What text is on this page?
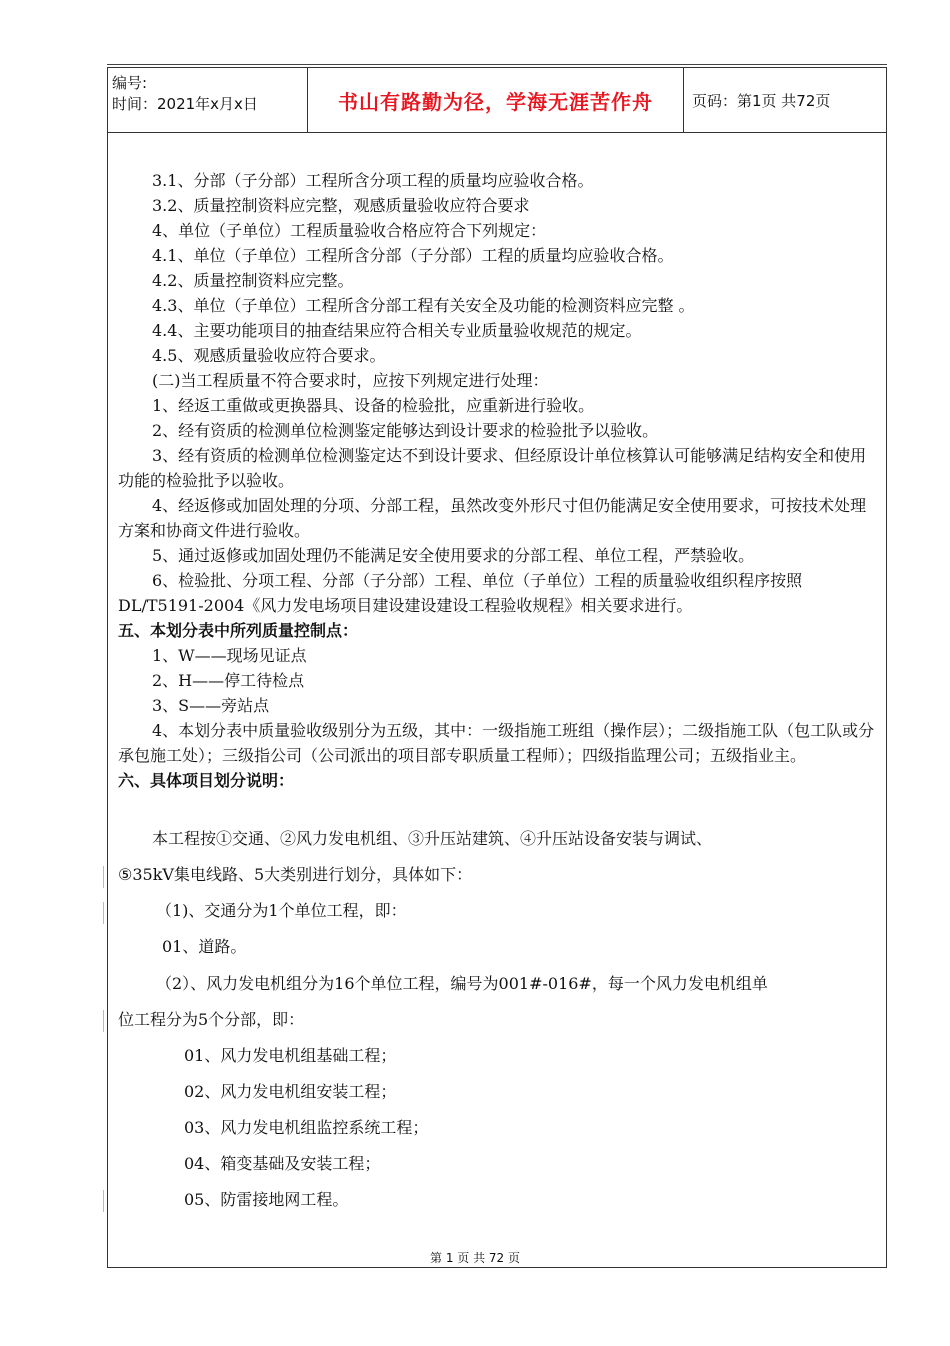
编号:
时间：2021年x月x日	书山有路勤为径，学海无涯苦作舟	页码：第1页 共72页
3.1、分部（子分部）工程所含分项工程的质量均应验收合格。
3.2、质量控制资料应完整，观感质量验收应符合要求
4、单位（子单位）工程质量验收合格应符合下列规定：
4.1、单位（子单位）工程所含分部（子分部）工程的质量均应验收合格。
4.2、质量控制资料应完整。
4.3、单位（子单位）工程所含分部工程有关安全及功能的检测资料应完整 。
4.4、主要功能项目的抽查结果应符合相关专业质量验收规范的规定。
4.5、观感质量验收应符合要求。
(二)当工程质量不符合要求时，应按下列规定进行处理：
1、经返工重做或更换器具、设备的检验批，应重新进行验收。
2、经有资质的检测单位检测鉴定能够达到设计要求的检验批予以验收。
3、经有资质的检测单位检测鉴定达不到设计要求、但经原设计单位核算认可能够满足结构安全和使用功能的检验批予以验收。
4、经返修或加固处理的分项、分部工程，虽然改变外形尺寸但仍能满足安全使用要求，可按技术处理方案和协商文件进行验收。
5、通过返修或加固处理仍不能满足安全使用要求的分部工程、单位工程，严禁验收。
6、检验批、分项工程、分部（子分部）工程、单位（子单位）工程的质量验收组织程序按照DL/T5191-2004《风力发电场项目建设建设建设工程验收规程》相关要求进行。
五、本划分表中所列质量控制点：
1、W——现场见证点
2、H——停工待检点
3、S——旁站点
4、本划分表中质量验收级别分为五级，其中：一级指施工班组（操作层）；二级指施工队（包工队或分承包施工处）；三级指公司（公司派出的项目部专职质量工程师）；四级指监理公司；五级指业主。
六、具体项目划分说明：
本工程按①交通、②风力发电机组、③升压站建筑、④升压站设备安装与调试、
⑤35kV集电线路、5大类别进行划分，具体如下：
（1)、交通分为1个单位工程，即：
01、道路。
（2）、风力发电机组分为16个单位工程，编号为001#-016#，每一个风力发电机组单
位工程分为5个分部，即：
01、风力发电机组基础工程；
02、风力发电机组安装工程；
03、风力发电机组监控系统工程；
04、箱变基础及安装工程；
05、防雷接地网工程。
第 1 页 共 72 页
